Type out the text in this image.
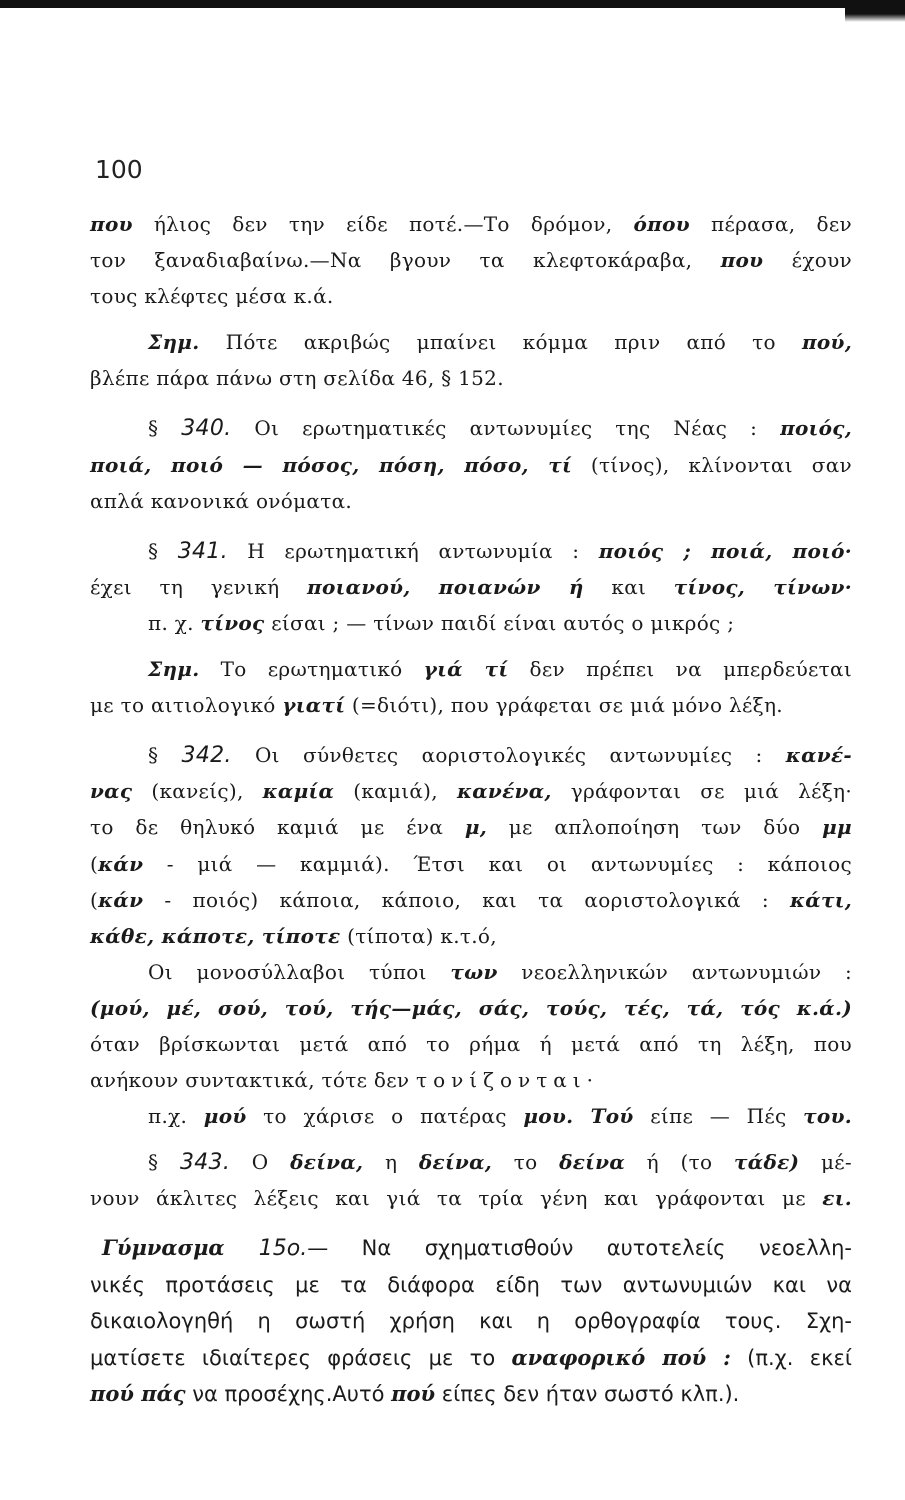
100
που ήλιος δεν την είδε ποτέ.—Το δρόμον, όπου πέρασα, δεν
τον ξαναδιαβαίνω.—Να βγουν τα κλεφτοκάραβα, που έχουν
τους κλέφτες μέσα κ.ά.
Σημ. Πότε ακριβώς μπαίνει κόμμα πριν από το πού,
βλέπε πάρα πάνω στη σελίδα 46, § 152.
§ 340. Οι ερωτηματικές αντωνυμίες της Νέας : ποιός,
ποιά, ποιό — πόσος, πόση, πόσο, τί (τίνος), κλίνονται σαν
απλά κανονικά ονόματα.
§ 341. Η ερωτηματική αντωνυμία : ποιός ; ποιά, ποιό·
έχει τη γενική ποιανού, ποιανών ή και τίνος, τίνων·
π. χ. τίνος είσαι ; — τίνων παιδί είναι αυτός ο μικρός ;
Σημ. Το ερωτηματικό γιά τί δεν πρέπει να μπερδεύεται
με το αιτιολογικό γιατί (=διότι), που γράφεται σε μιά μόνο λέξη.
§ 342. Οι σύνθετες αοριστολογικές αντωνυμίες : κανέ-
νας (κανείς), καμία (καμιά), κανένα, γράφονται σε μιά λέξη·
το δε θηλυκό καμιά με ένα μ, με απλοποίηση των δύο μμ
(κάν - μιά — καμμιά). Έτσι και οι αντωνυμίες : κάποιος
(κάν - ποιός) κάποια, κάποιο, και τα αοριστολογικά : κάτι,
κάθε, κάποτε, τίποτε (τίποτα) κ.τ.ό,
Οι μονοσύλλαβοι τύποι των νεοελληνικών αντωνυμιών :
(μού, μέ, σού, τού, τής—μάς, σάς, τούς, τές, τά, τός κ.ά.)
όταν βρίσκωνται μετά από το ρήμα ή μετά από τη λέξη, που
ανήκουν συντακτικά, τότε δεν τονίζονται·
π.χ. μού το χάρισε ο πατέρας μου. Τού είπε — Πές του.
§ 343. Ο δείνα, η δείνα, το δείνα ή (το τάδε) μέ-
νουν άκλιτες λέξεις και γιά τα τρία γένη και γράφονται με ει.
Γύμνασμα 15ο.— Να σχηματισθούν αυτοτελείς νεοελλη-
νικές προτάσεις με τα διάφορα είδη των αντωνυμιών και να
δικαιολογηθή η σωστή χρήση και η ορθογραφία τους. Σχη-
ματίσετε ιδιαίτερες φράσεις με το αναφορικό πού : (π.χ. εκεί
πού πάς να προσέχης.Αυτό πού είπες δεν ήταν σωστό κλπ.).
